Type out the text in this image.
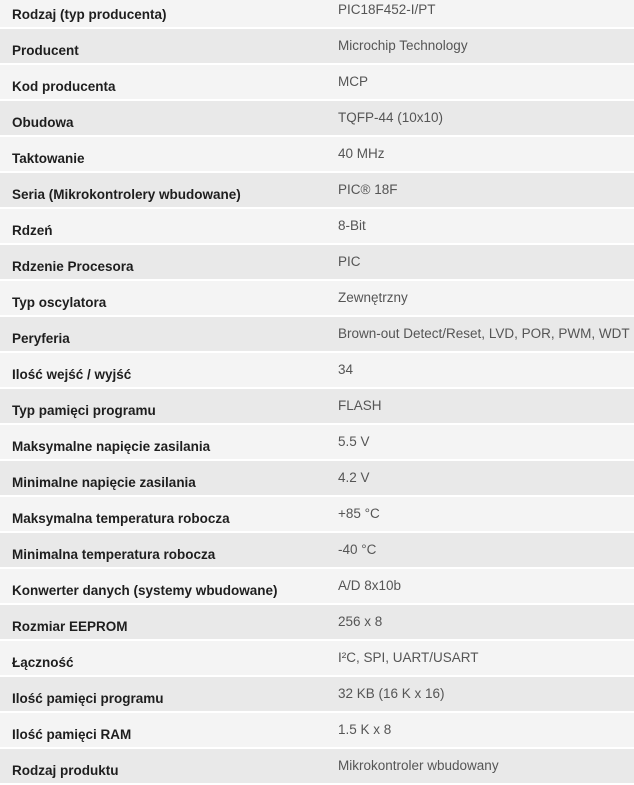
Rodzaj (typ producenta)	PIC18F452-I/PT
Producent	Microchip Technology
Kod producenta	MCP
Obudowa	TQFP-44 (10x10)
Taktowanie	40 MHz
Seria (Mikrokontrolery wbudowane)	PIC® 18F
Rdzeń	8-Bit
Rdzenie Procesora	PIC
Typ oscylatora	Zewnętrzny
Peryferia	Brown-out Detect/Reset, LVD, POR, PWM, WDT
Ilość wejść / wyjść	34
Typ pamięci programu	FLASH
Maksymalne napięcie zasilania	5.5 V
Minimalne napięcie zasilania	4.2 V
Maksymalna temperatura robocza	+85 °C
Minimalna temperatura robocza	-40 °C
Konwerter danych (systemy wbudowane)	A/D 8x10b
Rozmiar EEPROM	256 x 8
Łączność	I²C, SPI, UART/USART
Ilość pamięci programu	32 KB (16 K x 16)
Ilość pamięci RAM	1.5 K x 8
Rodzaj produktu	Mikrokontroler wbudowany
